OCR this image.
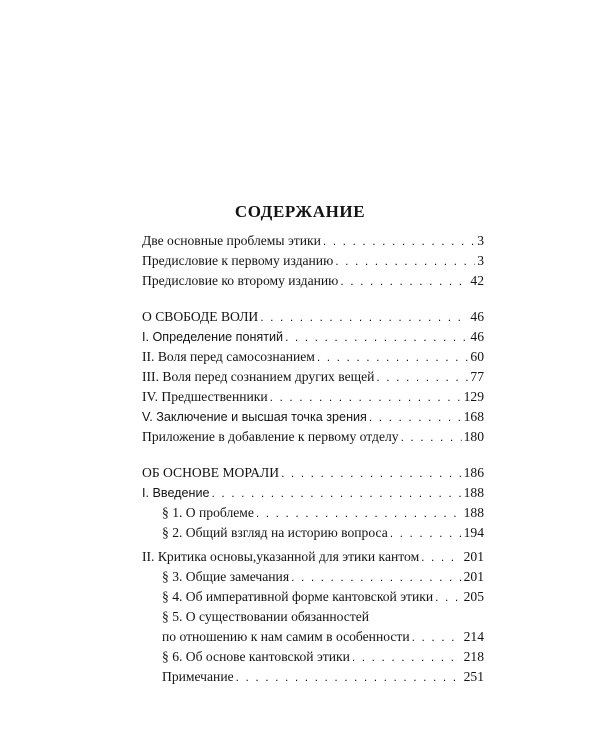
СОДЕРЖАНИЕ
Две основные проблемы этики . . .	3
Предисловие к первому изданию . . .	3
Предисловие ко второму изданию . . .	42
О СВОБОДЕ ВОЛИ . . .	46
I. Определение понятий . . .	46
II. Воля перед самосознанием . . .	60
III. Воля перед сознанием других вещей . . .	77
IV. Предшественники . . .	129
V. Заключение и высшая точка зрения . . .	168
Приложение в добавление к первому отделу . . .	180
ОБ ОСНОВЕ МОРАЛИ . . .	186
I. Введение . . .	188
§ 1. О проблеме . . .	188
§ 2. Общий взгляд на историю вопроса . . .	194
II. Критика основы,указанной для этики кантом . . .	201
§ 3. Общие замечания . . .	201
§ 4. Об императивной форме кантовской этики . . . 205
§ 5. О существовании обязанностей
по отношению к нам самим в особенности . . .	214
§ 6. Об основе кантовской этики . . .	218
Примечание . . .	251
